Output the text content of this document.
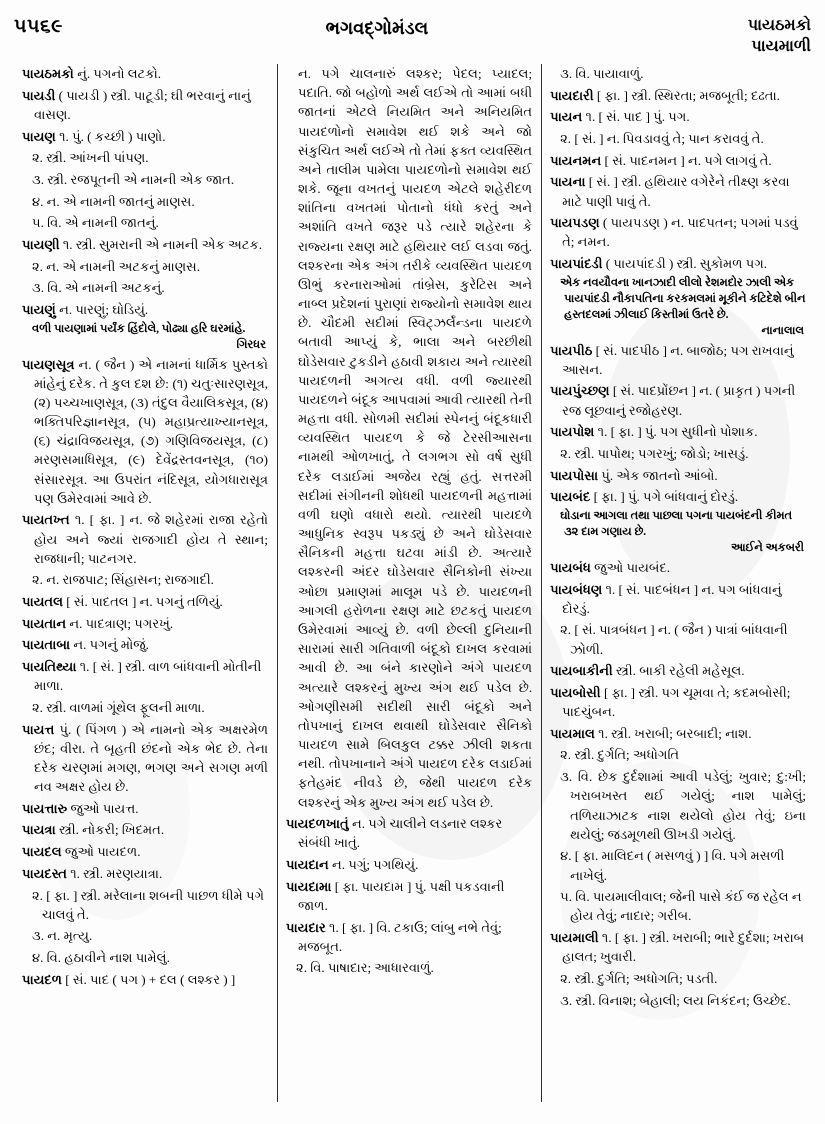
૫૫૬૯	ભગવદ્‌ગોમંડલ	પાયઠમકો
પાયમાળી

પાયઠમકો નું. પગનો લટકો.

પાયડી ( પાયડી ) સ્ત્રી. પાટૂડી; ઘી ભરવાનું નાનું વાસણ.

પાયણ ૧. પું. ( કચ્છી ) પાણો.

૨. સ્ત્રી. આંખની પાંપણ.

૩. સ્ત્રી. રજપૂતની એ નામની એક જાત.

૪. ન. એ નામની જાતનું માણસ.

૫. વિ. એ નામની જાતનું.

પાયણી ૧. સ્ત્રી. સુમરાની એ નામની એક અટક.

૨. ન. એ નામની અટકનું માણસ.

૩. વિ. એ નામની અટકનું.

પાયણું ન. પારણું; ઘોડિયું.

વળી પાયણામાં પર્યંક હિંદોલે, પોઢ્યા હરિ ઘરમાંહે.

ગિરધર

પાયણસૂત્ર ન. ( જૈન ) એ નામનાં ધાર્મિક પુસ્તકો માંહેનું દરેક. તે કુલ દશ છે: (૧) ચતુઃસારણસૂત્ર, (૨) પચ્ચખાણસૂત્ર, (૩) તંદુલ વૈયાલિકસૂત્ર, (૪) ભક્તિપરિજ્ઞાનસૂત્ર, (૫) મહાપ્રત્યાખ્યાનસૂત્ર, (૬) ચંદ્રાવિજયસૂત્ર, (૭) ગણિવિજયસૂત્ર, (૮) મરણસમાધિસૂત્ર, (૯) દેવેંદ્રસ્તવનસૂત્ર, (૧૦) સંસારસૂત્ર. આ ઉપરાંત નંદિસૂત્ર, યોગધારાસૂત્ર પણ ઉમેરવામાં આવે છે.

પાયતખ્ત ૧. [ ફા. ] ન. જે શહેરમાં રાજા રહેતો હોય અને જ્યાં રાજગાદી હોય તે સ્થાન; રાજધાની; પાટનગર.

૨. ન. રાજપાટ; સિંહાસન; રાજગાદી.

પાયતલ [ સં. પાદતલ ] ન. પગનું તળિયું.

પાયતાન ન. પાદત્રાણ; પગરખું.

પાયતાબા ન. પગનું મોજું.

પાયતિથ્યા ૧. [ સં. ] સ્ત્રી. વાળ બાંધવાની મોતીની માળા.

૨. સ્ત્રી. વાળમાં ગૂંથેલ ફૂલની માળા.

પાયત્ત પું. ( પિંગળ ) એ નામનો એક અક્ષરમેળ છંદ; વીરા. તે બૃહતી છંદનો એક ભેદ છે. તેના દરેક ચરણમાં મગણ, ભગણ અને સગણ મળી નવ અક્ષર હોય છે.

પાયત્તારુ જુઓ પાયત્ત.

પાયત્રા સ્ત્રી. નોકરી; ખિદમત.

પાયદલ જુઓ પાયદળ.

પાયદસ્ત ૧. સ્ત્રી. મરણયાત્રા.

૨. [ ફા. ] સ્ત્રી. મરેલાના શબની પાછળ ધીમે પગે ચાલવું તે.

૩. ન. મૃત્યુ.

૪. વિ. હઠાવીને નાશ પામેલું.

પાયદળ [ સં. પાદ ( પગ ) + દલ ( લશ્કર ) ]

ન. પગે ચાલનારું લશ્કર; પેદલ; પ્યાદલ; પદાતિ. જો બહોળો અર્થ લઈએ તો આમાં બધી જાતનાં એટલે નિયમિત અને અનિયમિત પાયદળોનો સમાવેશ થઈ શકે અને જો સંકુચિત અર્થ લઈએ તો તેમાં ફક્ત વ્યવસ્થિત અને તાલીમ પામેલા પાયદળોનો સમાવેશ થઈ શકે. જૂના વખતનું પાયદળ એટલે શહેરીદળ શાંતિના વખતમાં પોતાનો ધંધો કરતું અને અશાંતિ વખતે જરૂર પડે ત્યારે શહેરના કે રાજ્યના રક્ષણ માટે હથિયાર લઈ લડવા જતું. લશ્કરના એક અંગ તરીકે વ્યવસ્થિત પાયદળ ઊભું કરનારાઓમાં તાંબ્રેસ, કુરેટિસ અને નાબ્લ પ્રદેશનાં પુરાણાં રાજ્યોનો સમાવેશ થાય છે. ચૌદમી સદીમાં સ્વિટ્‌ઝર્લૅન્ડના પાયદળે બતાવી આપ્યું કે, ભાલા અને બરછીથી ઘોડેસવાર ટુકડીને હઠાવી શકાય અને ત્યારથી પાયદળની અગત્ય વધી. વળી જ્યારથી પાયદળને બંદૂક આપવામાં આવી ત્યારથી તેની મહત્તા વધી. સોળમી સદીમાં સ્પેનનું બંદૂકધારી વ્યવસ્થિત પાયદળ કે જે ટેરસીઆસના નામથી ઓળખાતું, તે લગભગ સો વર્ષ સુધી દરેક લડાઈમાં અજેય રહ્યું હતું. સત્તરમી સદીમાં સંગીનની શોધથી પાયદળની મહત્તામાં વળી ઘણો વધારો થયો. ત્યારથી પાયદળે આધુનિક સ્વરૂપ પકડ્યું છે અને ઘોડેસવાર સૈનિકની મહત્તા ઘટવા માંડી છે. અત્યારે લશ્કરની અંદર ઘોડેસવાર સૈનિકોની સંખ્યા ઓછા પ્રમાણમાં માલૂમ પડે છે. પાયદળની આગલી હરોળના રક્ષણ માટે છટકતું પાયદળ ઉમેરવામાં આવ્યું છે. વળી છેલ્લી દુનિયાની સારામાં સારી ગતિવાળી બંદૂકો દાખલ કરવામાં આવી છે. આ બંને કારણોને અંગે પાયદળ અત્યારે લશ્કરનું મુખ્ય અંગ થઈ પડેલ છે. ઓગણીસમી સદીથી સારી બંદૂકો અને તોપખાનું દાખલ થવાથી ઘોડેસવાર સૈનિકો પાયદળ સામે બિલકુલ ટક્કર ઝીલી શકતા નથી. તોપખાનાને અંગે પાયદળ દરેક લડાઈમાં ફતેહમંદ નીવડે છે, જેથી પાયદળ દરેક લશ્કરનું એક મુખ્ય અંગ થઈ પડેલ છે.

પાયદળખાતું ન. પગે ચાલીને લડનાર લશ્કર સંબંધી ખાતું.

પાયદાન ન. પગું; પગથિયું.

પાયદામા [ ફા. પાયદામ ] પું. પક્ષી પકડવાની જાળ.

પાયદાર ૧. [ ફા. ] વિ. ટકાઉ; લાંબુ નભે તેવું; મજબૂત.

૨. વિ. પાષાદાર; આધારવાળું.

૩. વિ. પાયાવાળું.

પાયદારી [ ફા. ] સ્ત્રી. સ્થિરતા; મજબૂતી; દઢતા.

પાયન ૧. [ સં. પાદ ] પું. પગ.

૨. [ સં. ] ન. પિવડાવવું તે; પાન કરાવવું તે.

પાયનમન [ સં. પાદનમન ] ન. પગે લાગવું તે.

પાયના [ સં. ] સ્ત્રી. હથિયાર વગેરેને તીક્ષ્ણ કરવા માટે પાણી પાવું તે.

પાયપડણ ( પાયપડણ ) ન. પાદપતન; પગમાં પડવું તે; નમન.

પાયપાંદડી ( પાયપાંદડી ) સ્ત્રી. સુકોમળ પગ.

એક નવયૌવના ખાનઝાદી લીલો રેશમદોર ઝાલી એક પાયપાંદડી નૌકાપતિના કરકમલમાં મૂકીને કટિદેશે બીન હસ્તદલમાં ઝીલાઈ કિસ્તીમાં ઉતરે છે.

નાનાલાલ

પાયપીઠ [ સં. પાદપીઠ ] ન. બાજોઠ; પગ રાખવાનું આસન.

પાયપુંચ્છણ [ સં. પાદપ્રોંછન ] ન. ( પ્રાકૃત ) પગની રજ લૂછવાનું રજોહરણ.

પાયપોશ ૧. [ ફા. ] પું. પગ સુધીનો પોશાક.

૨. સ્ત્રી. પાપોથ; પગરખું; જોડો; ખાસડું.

પાયપોસા પું. એક જાતનો આંબો.

પાયબંદ [ ફા. ] પું. પગે બાંધવાનું દોરડું.

ઘોડાના આગલા તથા પાછલા પગના પાયબંદની કીમત ૩૨ દામ ગણાય છે.

આઈને અકબરી

પાયબંધ જુઓ પાયબંદ.

પાયબંધણ ૧. [ સં. પાદબંધન ] ન. પગ બાંધવાનું દોરડું.

૨. [ સં. પાત્રબંધન ] ન. ( જૈન ) પાત્રાં બાંધવાની ઝોળી.

પાયબાકીની સ્ત્રી. બાકી રહેલી મહેસૂલ.

પાયબોસી [ ફા. ] સ્ત્રી. પગ ચૂમવા તે; કદમબોસી; પાદચુંબન.

પાયમાલ ૧. સ્ત્રી. ખરાબી; બરબાદી; નાશ.

૨. સ્ત્રી. દુર્ગતિ; અધોગતિ

૩. વિ. છેક દુર્દશામાં આવી પડેલું; ખુવાર; દુ:ખી; ખરાબખસ્ત થઈ ગયેલું; નાશ પામેલું; તળિયાઝાટક નાશ થયેલો હોય તેવું; ઇના થયેલું; જડમૂળથી ઊખડી ગયેલું.

૪. [ ફા. માલિદન ( મસળવું ) ] વિ. પગે મસળી નાખેલું.

૫. વિ. પાયમાલીવાલ; જેની પાસે કંઈ જ રહેલ ન હોય તેવું; નાદાર; ગરીબ.

પાયમાલી ૧. [ ફા. ] સ્ત્રી. ખરાબી; ભારે દુર્દશા; ખરાબ હાલત; ખુવારી.

૨. સ્ત્રી. દુર્ગતિ; અધોગતિ; પડતી.

૩. સ્ત્રી. વિનાશ; બેહાલી; લય નિકંદન; ઉચ્છેદ.
